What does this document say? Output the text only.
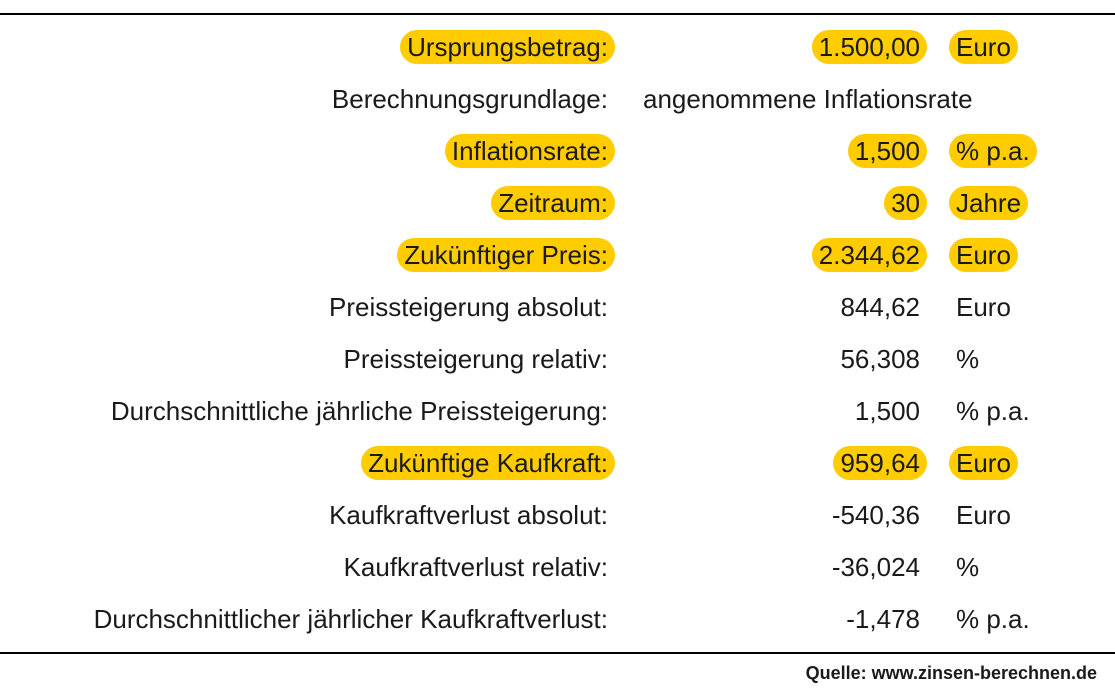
Ursprungsbetrag:	1.500,00 Euro
Berechnungsgrundlage: angenommene Inflationsrate
Inflationsrate:	1,500 % p.a.
Zeitraum:	30 Jahre
Zukünftiger Preis:	2.344,62 Euro
Preissteigerung absolut:	844,62 Euro
Preissteigerung relativ:	56,308 %
Durchschnittliche jährliche Preissteigerung:	1,500 % p.a.
Zukünftige Kaufkraft:	959,64 Euro
Kaufkraftverlust absolut:	-540,36 Euro
Kaufkraftverlust relativ:	-36,024 %
Durchschnittlicher jährlicher Kaufkraftverlust:	-1,478 % p.a.
Quelle: www.zinsen-berechnen.de
